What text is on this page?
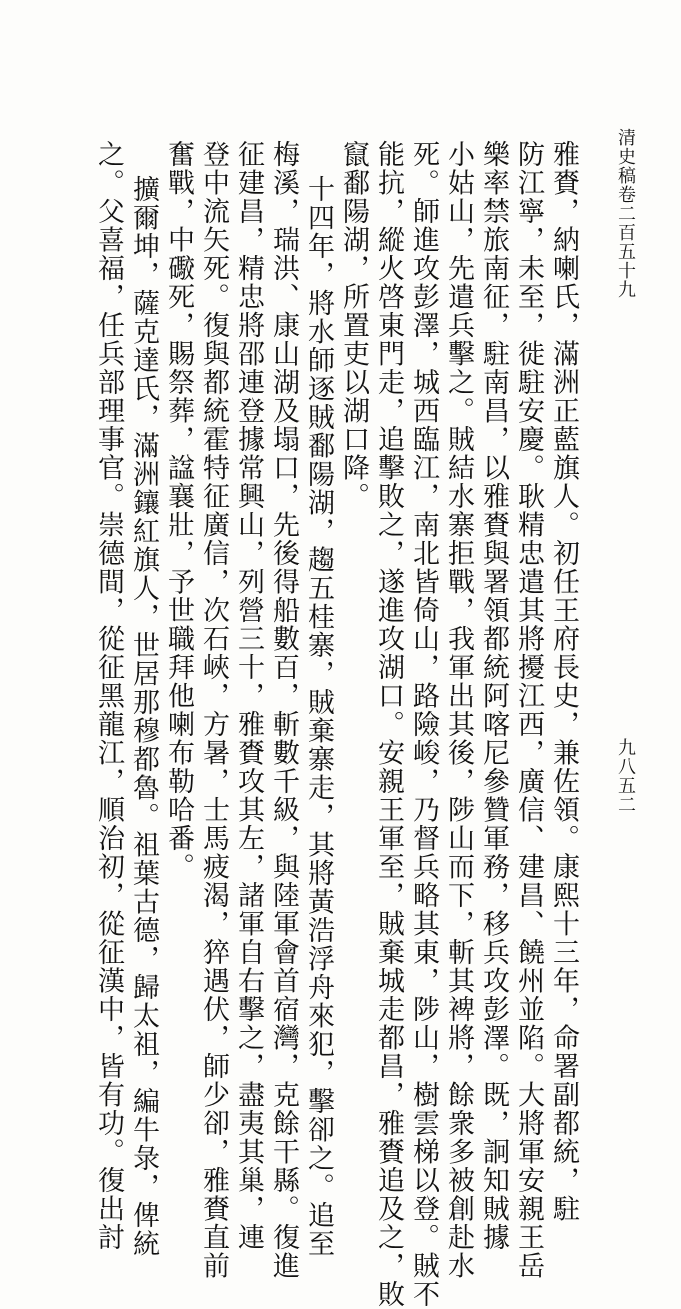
清史稿卷二百五十九
九八五二
雅賚，納喇氏，滿洲正藍旗人。初任王府長史，兼佐領。康熙十三年，命署副都統，駐
防江寧，未至，徙駐安慶。耿精忠遣其將擾江西，廣信、建昌、饒州並陷。大將軍安親王岳
樂率禁旅南征，駐南昌，以雅賚與署領都統阿喀尼參贊軍務，移兵攻彭澤。既，詗知賊據
小姑山，先遣兵擊之。賊結水寨拒戰，我軍出其後，陟山而下，斬其裨將，餘衆多被創赴水
死。師進攻彭澤，城西臨江，南北皆倚山，路險峻，乃督兵略其東，陟山，樹雲梯以登。賊不
能抗，縱火啓東門走，追擊敗之，遂進攻湖口。安親王軍至，賊棄城走都昌，雅賚追及之，敗
竄鄱陽湖，所置吏以湖口降。
十四年，將水師逐賊鄱陽湖，趨五桂寨，賊棄寨走，其將黃浩浮舟來犯，擊卻之。追至
梅溪，瑞洪、康山湖及塌口，先後得船數百，斬數千級，與陸軍會首宿灣，克餘干縣。復進
征建昌，精忠將邵連登據常興山，列營三十，雅賚攻其左，諸軍自右擊之，盡夷其巢，連
登中流矢死。復與都統霍特征廣信，次石峽，方暑，士馬疲渴，猝遇伏，師少卻，雅賚直前
奮戰，中礮死，賜祭葬，諡襄壯，予世職拜他喇布勒哈番。
擴爾坤，薩克達氏，滿洲鑲紅旗人，世居那穆都魯。祖葉古德，歸太祖，編牛彔，俾統
之。父喜福，任兵部理事官。崇德間，從征黑龍江，順治初，從征漢中，皆有功。復出討
